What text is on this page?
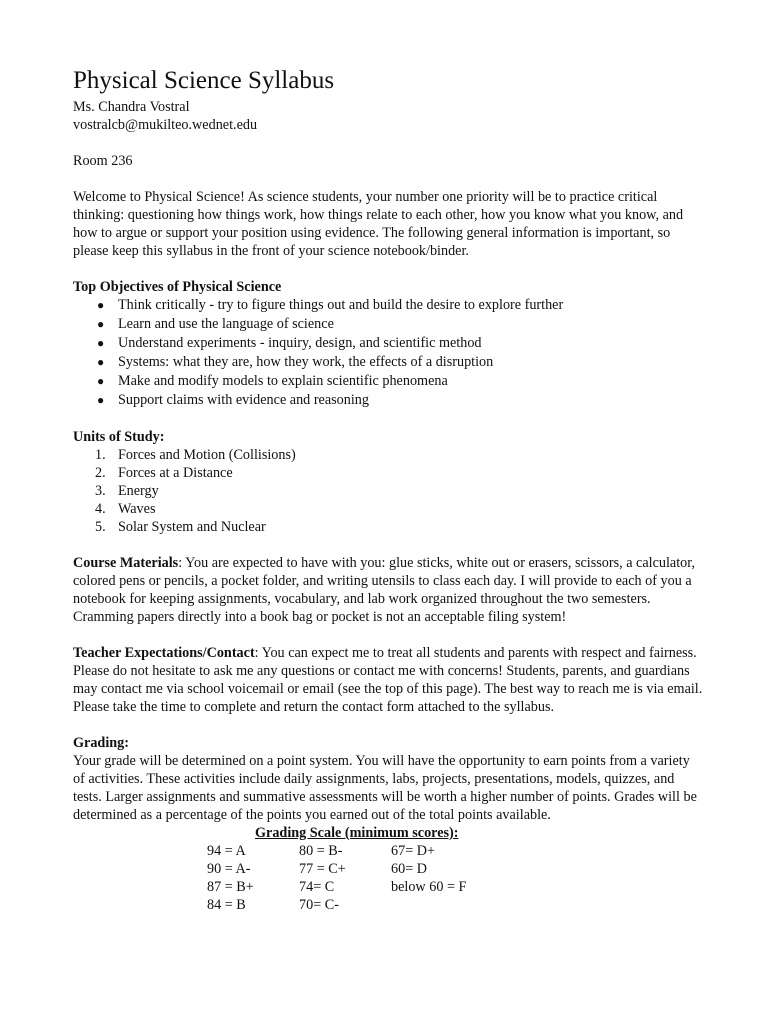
Physical Science Syllabus

Ms. Chandra Vostral

vostralcb@mukilteo.wednet.edu

Room 236

Welcome to Physical Science! As science students, your number one priority will be to practice critical thinking: questioning how things work, how things relate to each other, how you know what you know, and how to argue or support your position using evidence. The following general information is important, so please keep this syllabus in the front of your science notebook/binder.

Top Objectives of Physical Science

● Think critically - try to figure things out and build the desire to explore further
● Learn and use the language of science
● Understand experiments - inquiry, design, and scientific method
● Systems: what they are, how they work, the effects of a disruption
● Make and modify models to explain scientific phenomena
● Support claims with evidence and reasoning

Units of Study:

1. Forces and Motion (Collisions)
2. Forces at a Distance
3. Energy
4. Waves
5. Solar System and Nuclear

Course Materials: You are expected to have with you: glue sticks, white out or erasers, scissors, a calculator, colored pens or pencils, a pocket folder, and writing utensils to class each day. I will provide to each of you a notebook for keeping assignments, vocabulary, and lab work organized throughout the two semesters. Cramming papers directly into a book bag or pocket is not an acceptable filing system!

Teacher Expectations/Contact: You can expect me to treat all students and parents with respect and fairness. Please do not hesitate to ask me any questions or contact me with concerns! Students, parents, and guardians may contact me via school voicemail or email (see the top of this page). The best way to reach me is via email. Please take the time to complete and return the contact form attached to the syllabus.

Grading:

Your grade will be determined on a point system. You will have the opportunity to earn points from a variety of activities. These activities include daily assignments, labs, projects, presentations, models, quizzes, and tests. Larger assignments and summative assessments will be worth a higher number of points. Grades will be determined as a percentage of the points you earned out of the total points available.

Grading Scale (minimum scores):
94 = A	80 = B-	67= D+
90 = A-	77 = C+	60= D
87 = B+	74= C	below 60 = F
84 = B	70= C-
